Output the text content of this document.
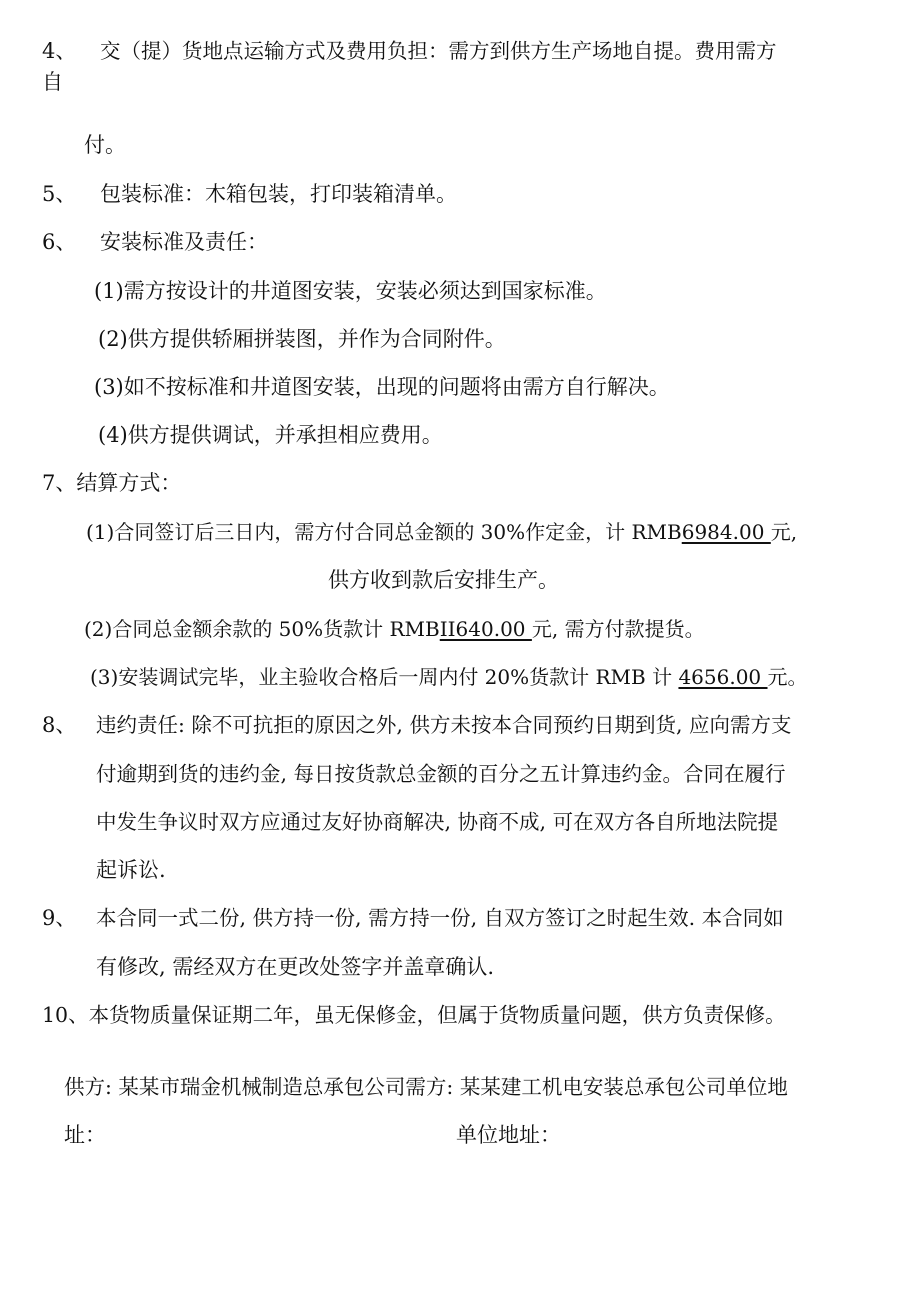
4、 交（提）货地点运输方式及费用负担：需方到供方生产场地自提。费用需方
自
付。
5、 包装标准：木箱包装，打印装箱清单。
6、 安装标准及责任：
(1)需方按设计的井道图安装，安装必须达到国家标准。
(2)供方提供轿厢拼装图，并作为合同附件。
(3)如不按标准和井道图安装，出现的问题将由需方自行解决。
(4)供方提供调试，并承担相应费用。
7、结算方式：
(1)合同签订后三日内，需方付合同总金额的 30%作定金，计 RMB6984.00 元,
供方收到款后安排生产。
(2)合同总金额余款的 50%货款计 RMBII640.00 元, 需方付款提货。
(3)安装调试完毕，业主验收合格后一周内付 20%货款计 RMB 计 4656.00 元。
8、 违约责任: 除不可抗拒的原因之外, 供方未按本合同预约日期到货, 应向需方支
付逾期到货的违约金, 每日按货款总金额的百分之五计算违约金。合同在履行
中发生争议时双方应通过友好协商解决, 协商不成, 可在双方各自所地法院提
起诉讼.
9、 本合同一式二份, 供方持一份, 需方持一份, 自双方签订之时起生效. 本合同如
有修改, 需经双方在更改处签字并盖章确认.
10、本货物质量保证期二年，虽无保修金，但属于货物质量问题，供方负责保修。
供方: 某某市瑞金机械制造总承包公司需方: 某某建工机电安装总承包公司单位地
址：	单位地址：
